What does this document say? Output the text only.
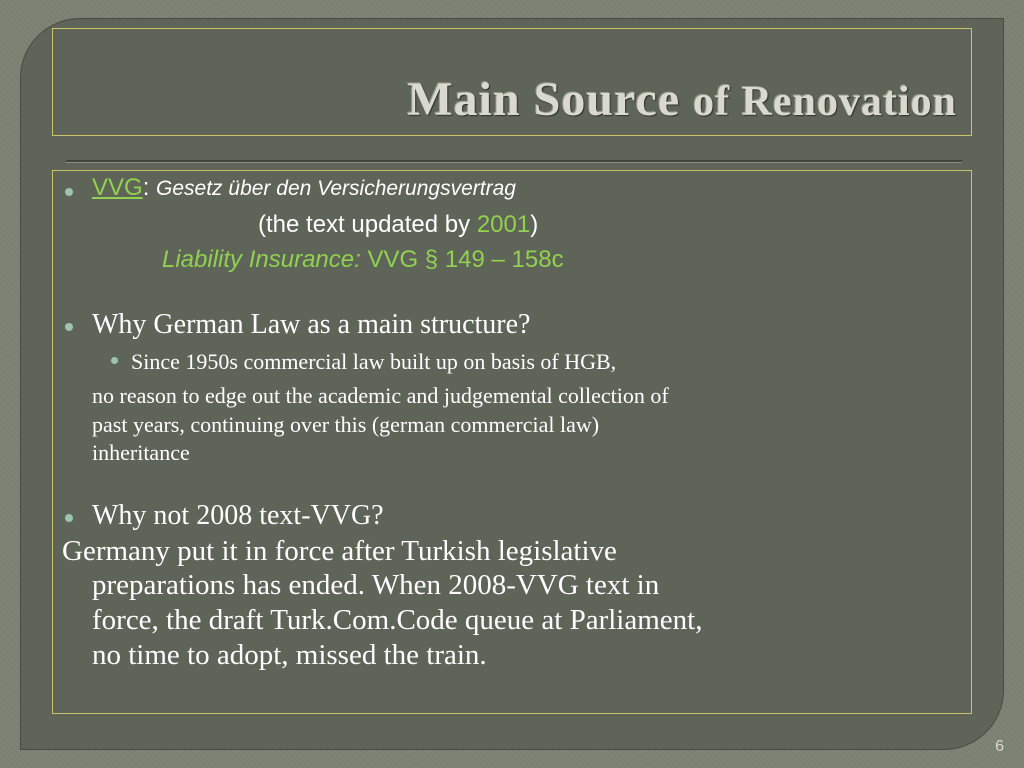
Main Source of Renovation
VVG: Gesetz über den Versicherungsvertrag
(the text updated by 2001)
Liability Insurance: VVG § 149 – 158c
Why German Law as a main structure?
Since 1950s commercial law built up on basis of HGB,
no reason to edge out the academic and judgemental collection of
past years, continuing over this (german commercial law)
inheritance
Why not 2008 text-VVG?
Germany put it in force after Turkish legislative
preparations has ended. When 2008-VVG text in
force, the draft Turk.Com.Code queue at Parliament,
no time to adopt, missed the train.
6
